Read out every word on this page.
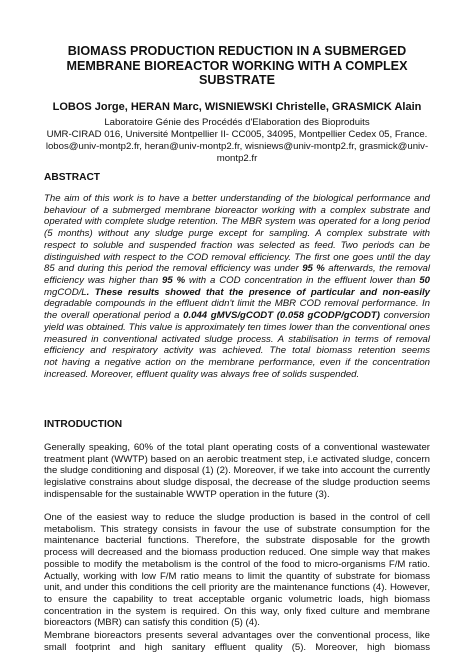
BIOMASS PRODUCTION REDUCTION IN A SUBMERGED
MEMBRANE BIOREACTOR WORKING WITH A COMPLEX
SUBSTRATE
LOBOS Jorge, HERAN Marc, WISNIEWSKI Christelle, GRASMICK Alain
Laboratoire Génie des Procédés d'Elaboration des Bioproduits
UMR-CIRAD 016, Université Montpellier II- CC005, 34095, Montpellier Cedex 05, France.
lobos@univ-montp2.fr, heran@univ-montp2.fr, wisniews@univ-montp2.fr, grasmick@univ-
montp2.fr
ABSTRACT
The aim of this work is to have a better understanding of the biological performance and
behaviour of a submerged membrane bioreactor working with a complex substrate and
operated with complete sludge retention. The MBR system was operated for a long period
(5 months) without any sludge purge except for sampling. A complex substrate with
respect to soluble and suspended fraction was selected as feed. Two periods can be
distinguished with respect to the COD removal efficiency. The first one goes until the day
85 and during this period the removal efficiency was under 95 % afterwards, the removal
efficiency was higher than 95 % with a COD concentration in the effluent lower than 50
mgCOD/L. These results showed that the presence of particular and non-easily
degradable compounds in the effluent didn't limit the MBR COD removal performance. In
the overall operational period a 0.044 gMVS/gCODT (0.058 gCODP/gCODT) conversion
yield was obtained. This value is approximately ten times lower than the conventional ones
measured in conventional activated sludge process. A stabilisation in terms of removal
efficiency and respiratory activity was achieved. The total biomass retention seems
not having a negative action on the membrane performance, even if the concentration
increased. Moreover, effluent quality was always free of solids suspended.
INTRODUCTION
Generally speaking, 60% of the total plant operating costs of a conventional wastewater
treatment plant (WWTP) based on an aerobic treatment step, i.e activated sludge, concern
the sludge conditioning and disposal (1) (2). Moreover, if we take into account the currently
legislative constrains about sludge disposal, the decrease of the sludge production seems
indispensable for the sustainable WWTP operation in the future (3).
One of the easiest way to reduce the sludge production is based in the control of cell
metabolism. This strategy consists in favour the use of substrate consumption for the
maintenance bacterial functions. Therefore, the substrate disposable for the growth
process will decreased and the biomass production reduced. One simple way that makes
possible to modify the metabolism is the control of the food to micro-organisms F/M ratio.
Actually, working with low F/M ratio means to limit the quantity of substrate for biomass
unit, and under this conditions the cell priority are the maintenance functions (4). However,
to ensure the capability to treat acceptable organic volumetric loads, high biomass
concentration in the system is required. On this way, only fixed culture and membrane
bioreactors (MBR) can satisfy this condition (5) (4).
Membrane bioreactors presents several advantages over the conventional process, like
small footprint and high sanitary effluent quality (5). Moreover, high biomass
